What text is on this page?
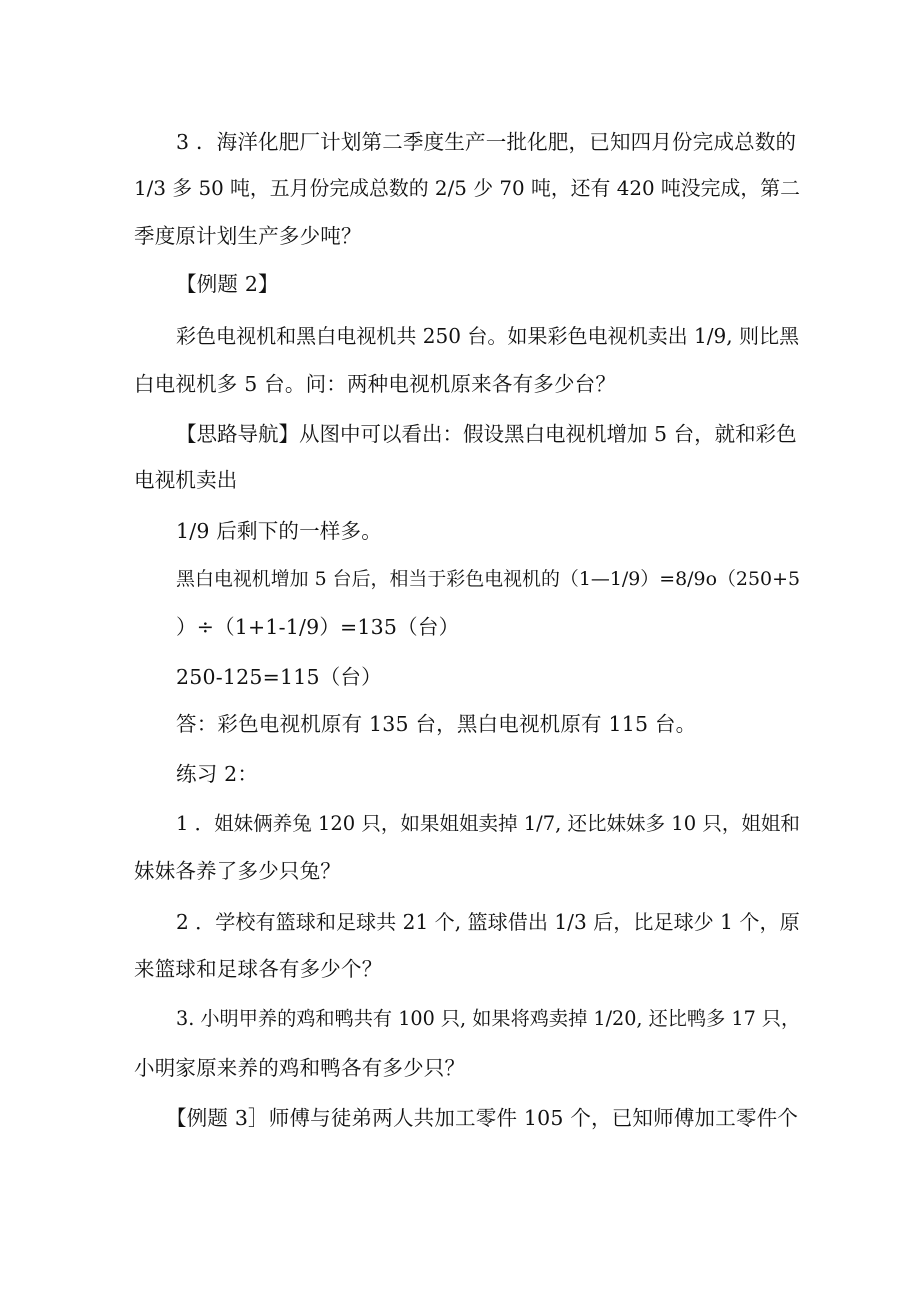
3 ．海洋化肥厂计划第二季度生产一批化肥，已知四月份完成总数的
1/3 多 50 吨，五月份完成总数的 2/5 少 70 吨，还有 420 吨没完成，第二
季度原计划生产多少吨？
【例题 2】
彩色电视机和黑白电视机共 250 台。如果彩色电视机卖出 1/9, 则比黑
白电视机多 5 台。问：两种电视机原来各有多少台？
【思路导航】从图中可以看出：假设黑白电视机增加 5 台，就和彩色
电视机卖出
1/9 后剩下的一样多。
黑白电视机增加 5 台后，相当于彩色电视机的（1—1/9）=8/9o（250+5
）÷（1+1-1/9）=135（台）
250-125=115（台）
答：彩色电视机原有 135 台，黑白电视机原有 115 台。
练习 2：
1 ．姐妹俩养兔 120 只，如果姐姐卖掉 1/7, 还比妹妹多 10 只，姐姐和
妹妹各养了多少只兔？
2 ．学校有篮球和足球共 21 个, 篮球借出 1/3 后，比足球少 1 个，原
来篮球和足球各有多少个？
3. 小明甲养的鸡和鸭共有 100 只, 如果将鸡卖掉 1/20, 还比鸭多 17 只，
小明家原来养的鸡和鸭各有多少只？
【例题 3］师傅与徒弟两人共加工零件 105 个，已知师傅加工零件个
